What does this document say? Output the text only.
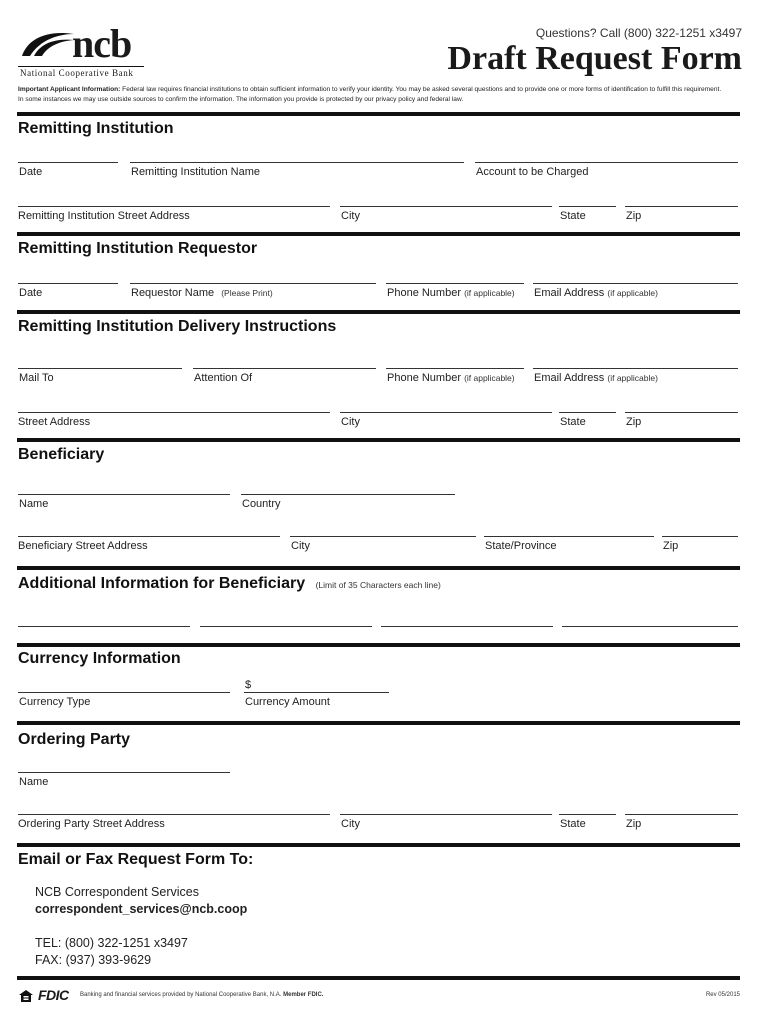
ncb
National Cooperative Bank
Questions? Call (800) 322-1251 x3497
Draft Request Form
Important Applicant Information: Federal law requires financial institutions to obtain sufficient information to verify your identity. You may be asked several questions and to provide one or more forms of identification to fulfill this requirement.
In some instances we may use outside sources to confirm the information. The information you provide is protected by our privacy policy and federal law.
Remitting Institution
Date	Remitting Institution Name	Account to be Charged
Remitting Institution Street Address	City	State	Zip
Remitting Institution Requestor
Date	Requestor Name (Please Print)	Phone Number (if applicable) Email Address (if applicable)
Remitting Institution Delivery Instructions
Mail To	Attention Of	Phone Number (if applicable) Email Address (if applicable)
Street Address	City	State	Zip
Beneficiary
Name	Country
Beneficiary Street Address	City	State/Province	Zip
Additional Information for Beneficiary (Limit of 35 Characters each line)
Currency Information
$
Currency Type	Currency Amount
Ordering Party
Name
Ordering Party Street Address	City	State	Zip
Email or Fax Request Form To:
NCB Correspondent Services
correspondent_services@ncb.coop
TEL: (800) 322-1251 x3497
FAX: (937) 393-9629
FDIC Banking and financial services provided by National Cooperative Bank, N.A. Member FDIC.	Rev 05/2015
